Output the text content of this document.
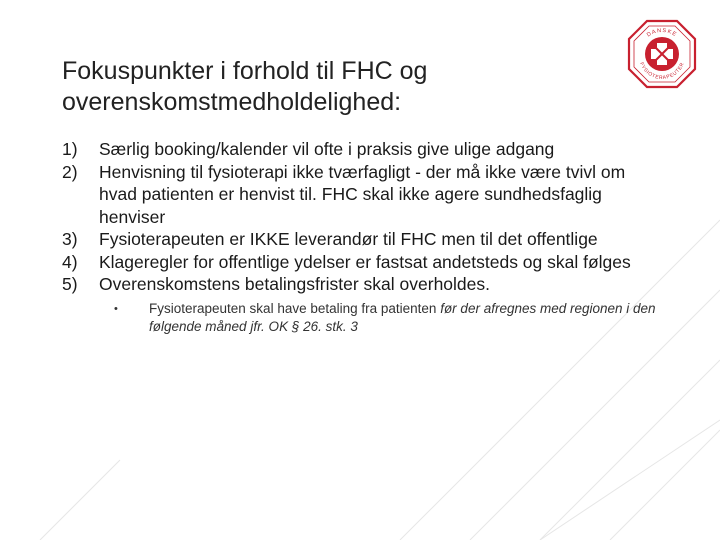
DANSKE
FYSIOTERAPEUTER
Fokuspunkter i forhold til FHC og
overenskomstmedholdelighed:
1) Særlig booking/kalender vil ofte i praksis give ulige adgang
2) Henvisning til fysioterapi ikke tværfagligt - der må ikke være tvivl om hvad patienten er henvist til. FHC skal ikke agere sundhedsfaglig henviser
3) Fysioterapeuten er IKKE leverandør til FHC men til det offentlige
4) Klageregler for offentlige ydelser er fastsat andetsteds og skal følges
5) Overenskomstens betalingsfrister skal overholdes.
• Fysioterapeuten skal have betaling fra patienten før der afregnes med regionen i den følgende måned jfr. OK § 26. stk. 3
